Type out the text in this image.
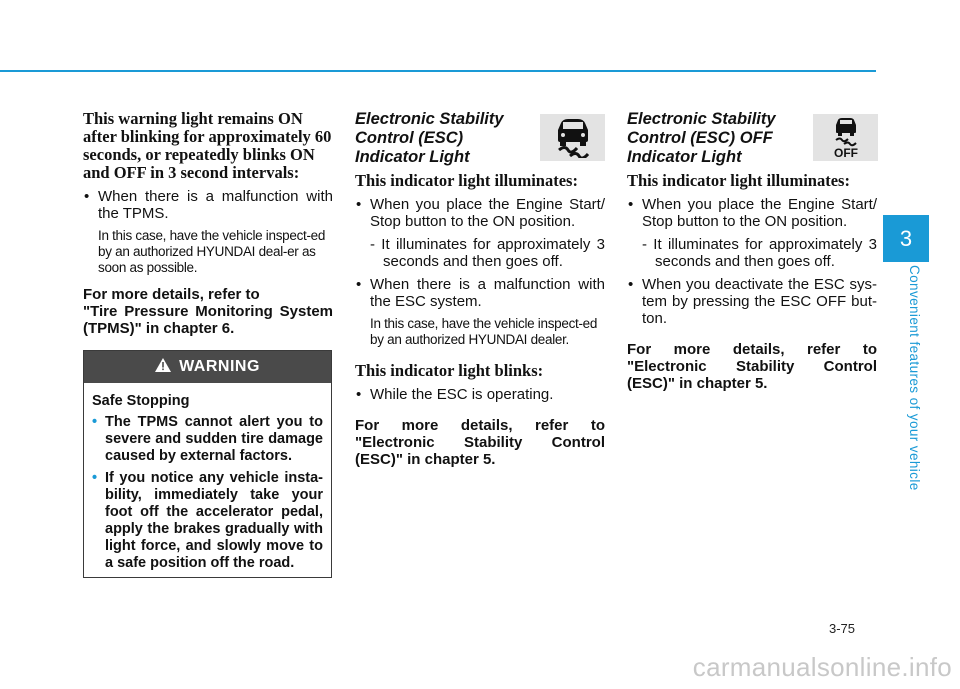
This warning light remains ON after blinking for approximately 60 seconds, or repeatedly blinks ON and OFF in 3 second intervals:
• When there is a malfunction with the TPMS.
In this case, have the vehicle inspect-ed by an authorized HYUNDAI deal-er as soon as possible.
For more details, refer to
"Tire Pressure Monitoring System (TPMS)" in chapter 6.
WARNING
Safe Stopping
• The TPMS cannot alert you to severe and sudden tire damage caused by external factors.
• If you notice any vehicle insta-bility, immediately take your foot off the accelerator pedal, apply the brakes gradually with light force, and slowly move to a safe position off the road.
Electronic Stability Control (ESC) Indicator Light
This indicator light illuminates:
• When you place the Engine Start/ Stop button to the ON position.
- It illuminates for approximately 3 seconds and then goes off.
• When there is a malfunction with the ESC system.
In this case, have the vehicle inspect-ed by an authorized HYUNDAI dealer.
This indicator light blinks:
• While the ESC is operating.
For more details, refer to
"Electronic Stability Control (ESC)" in chapter 5.
Electronic Stability Control (ESC) OFF Indicator Light	OFF
This indicator light illuminates:
• When you place the Engine Start/ Stop button to the ON position.
- It illuminates for approximately 3 seconds and then goes off.
• When you deactivate the ESC sys-tem by pressing the ESC OFF but-ton.
For more details, refer to
"Electronic Stability Control (ESC)" in chapter 5.
3
Convenient features of your vehicle
3-75
carmanualsonline.info
